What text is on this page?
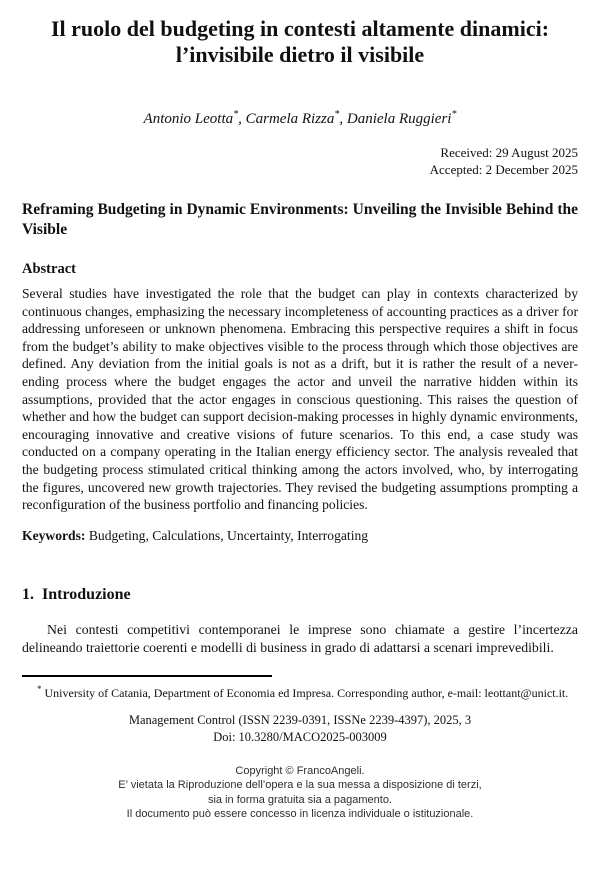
Il ruolo del budgeting in contesti altamente dinamici: l’invisibile dietro il visibile
Antonio Leotta*, Carmela Rizza*, Daniela Ruggieri*
Received: 29 August 2025
Accepted: 2 December 2025
Reframing Budgeting in Dynamic Environments: Unveiling the Invisible Behind the Visible
Abstract

Several studies have investigated the role that the budget can play in contexts characterized by continuous changes, emphasizing the necessary incompleteness of accounting practices as a driver for addressing unforeseen or unknown phenomena. Embracing this perspective requires a shift in focus from the budget’s ability to make objectives visible to the process through which those objectives are defined. Any deviation from the initial goals is not as a drift, but it is rather the result of a never-ending process where the budget engages the actor and unveil the narrative hidden within its assumptions, provided that the actor engages in conscious questioning. This raises the question of whether and how the budget can support decision-making processes in highly dynamic environments, encouraging innovative and creative visions of future scenarios. To this end, a case study was conducted on a company operating in the Italian energy efficiency sector. The analysis revealed that the budgeting process stimulated critical thinking among the actors involved, who, by interrogating the figures, uncovered new growth trajectories. They revised the budgeting assumptions prompting a reconfiguration of the business portfolio and financing policies.

Keywords: Budgeting, Calculations, Uncertainty, Interrogating
1. Introduzione

Nei contesti competitivi contemporanei le imprese sono chiamate a gestire l’incertezza delineando traiettorie coerenti e modelli di business in grado di adattarsi a scenari imprevedibili.

* University of Catania, Department of Economia ed Impresa. Corresponding author, e-mail: leottant@unict.it.

Management Control (ISSN 2239-0391, ISSNe 2239-4397), 2025, 3
Doi: 10.3280/MACO2025-003009
Copyright © FrancoAngeli.
E’ vietata la Riproduzione dell’opera e la sua messa a disposizione di terzi,
sia in forma gratuita sia a pagamento.
Il documento può essere concesso in licenza individuale o istituzionale.
